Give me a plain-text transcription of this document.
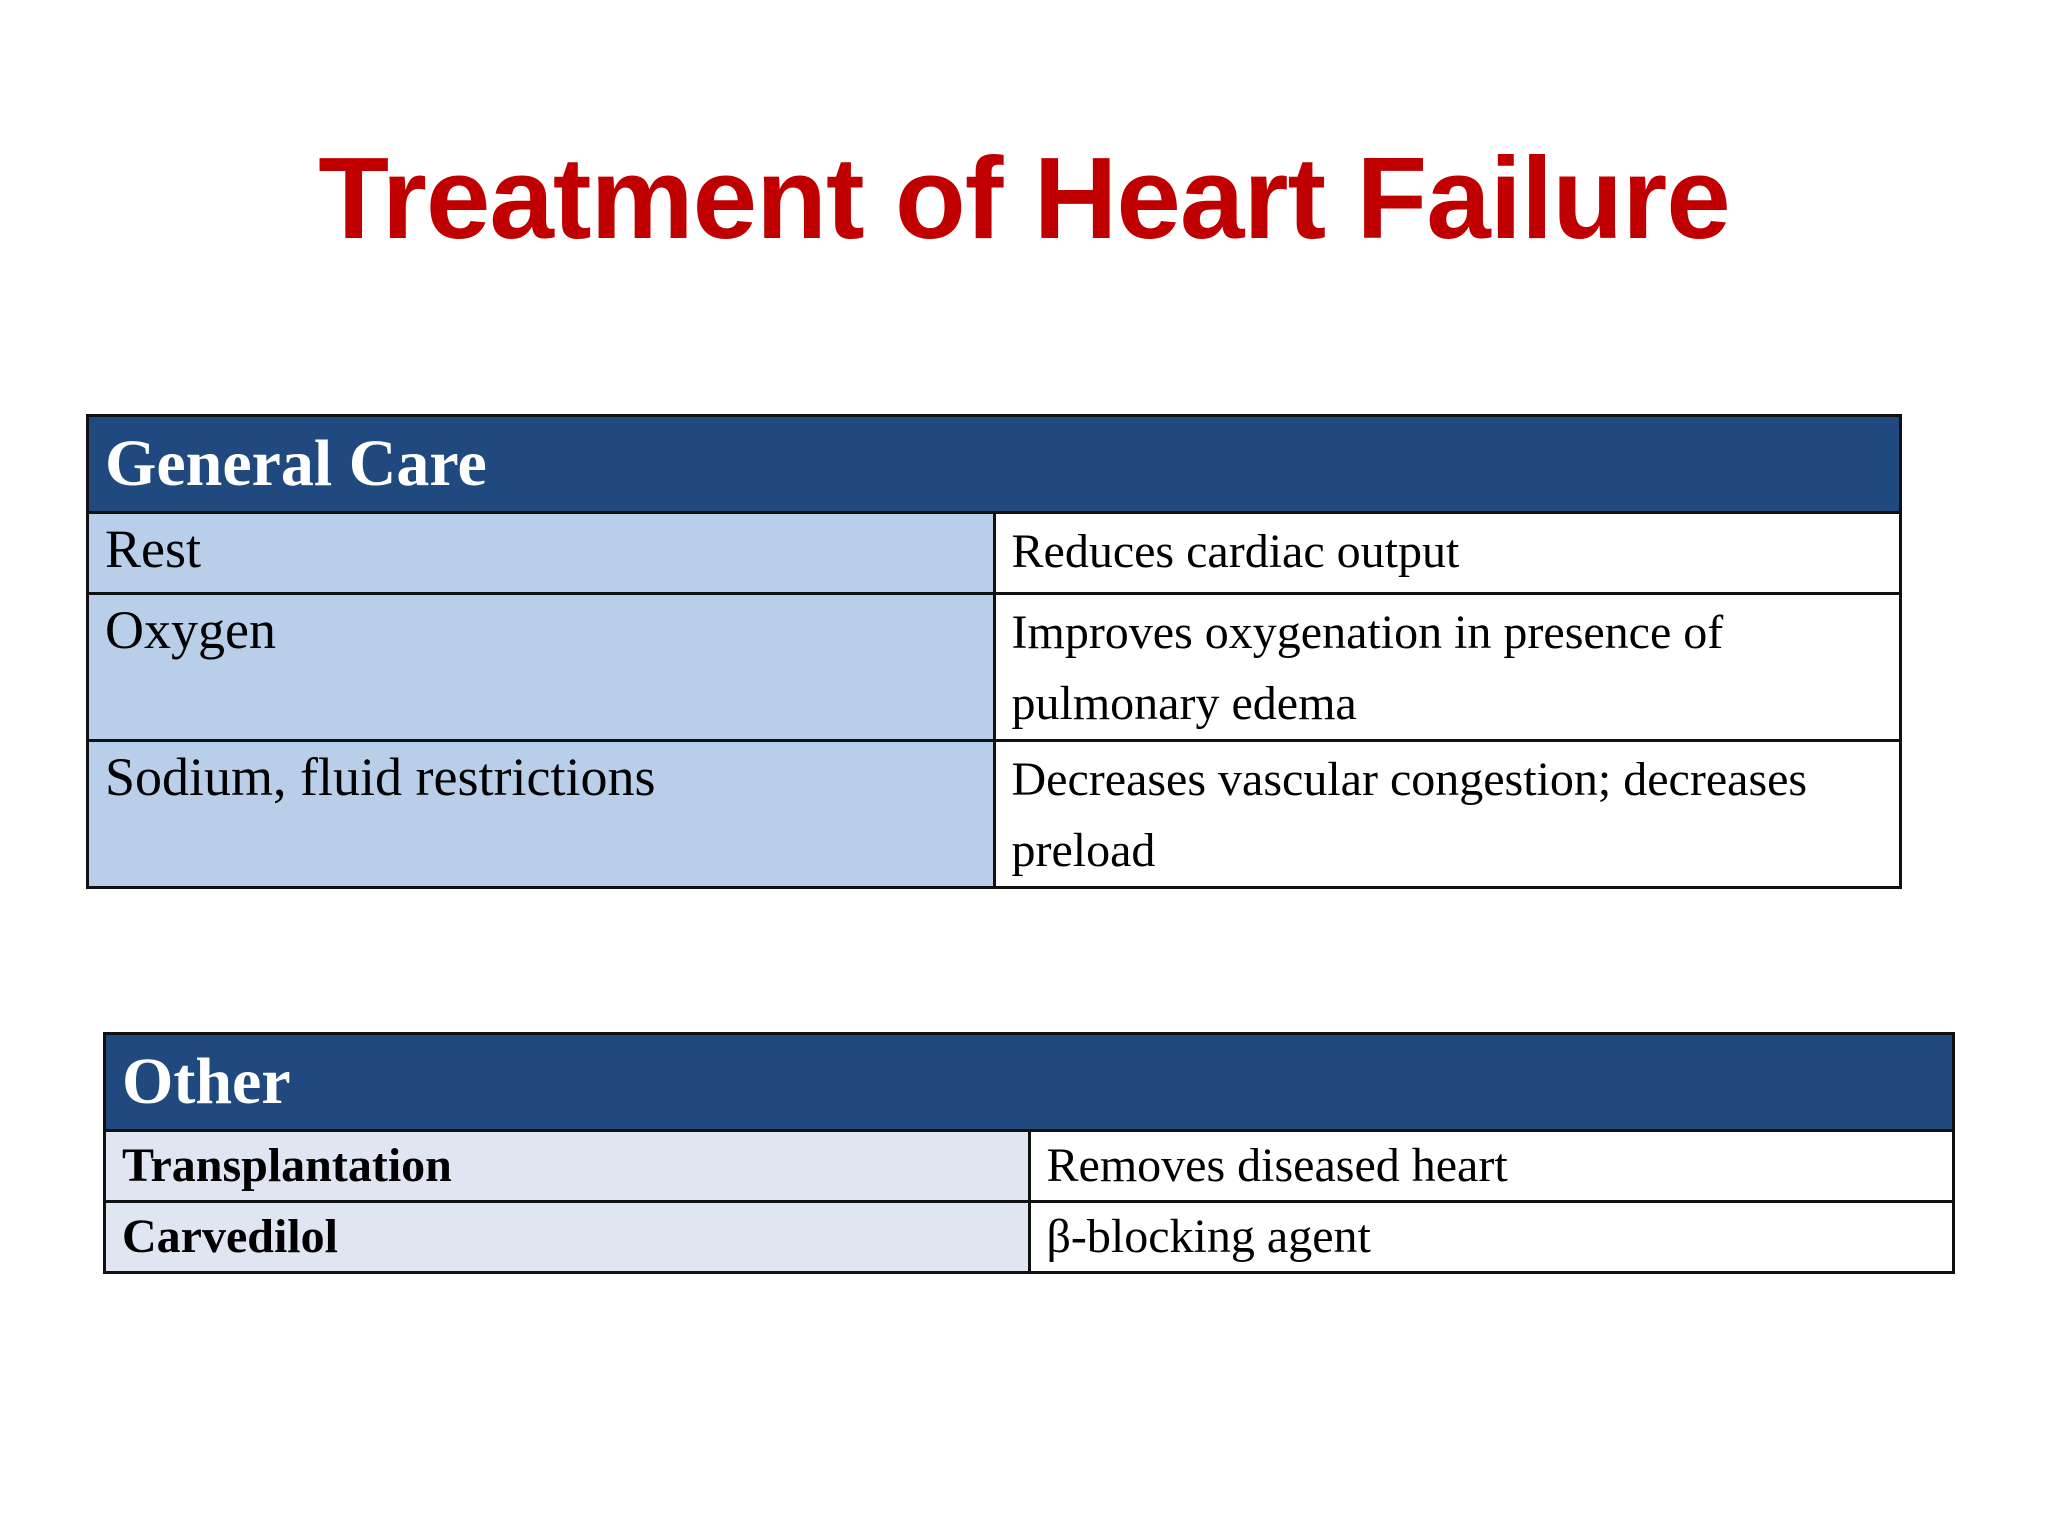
Treatment of Heart Failure
General Care	
Rest	Reduces cardiac output
Oxygen	Improves oxygenation in presence of pulmonary edema
Sodium, fluid restrictions	Decreases vascular congestion; decreases preload
Other	
Transplantation	Removes diseased heart
Carvedilol	β-blocking agent
